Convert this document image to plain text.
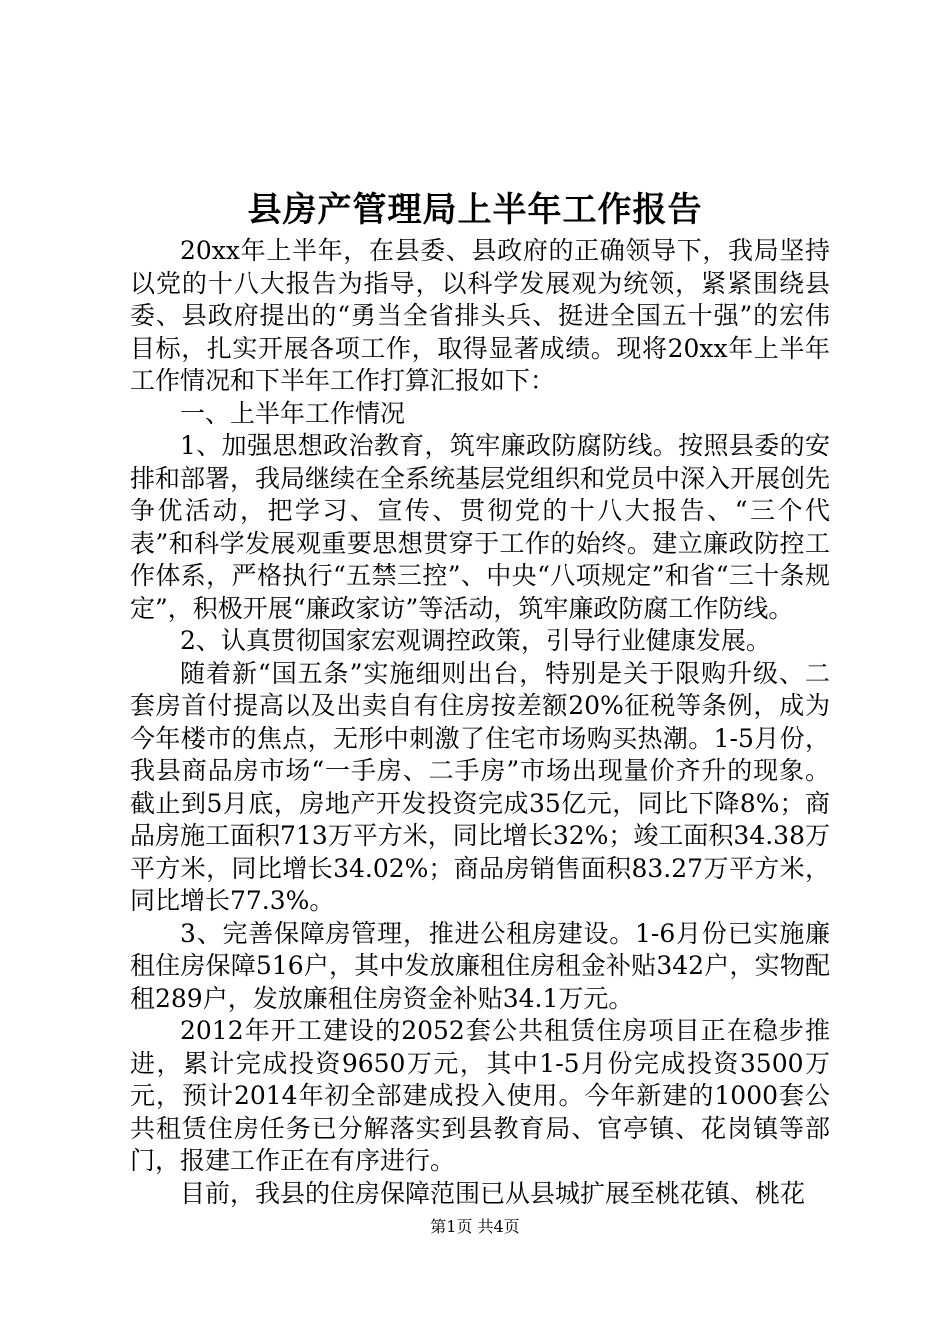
县房产管理局上半年工作报告

20xx年上半年，在县委、县政府的正确领导下，我局坚持以党的十八大报告为指导，以科学发展观为统领，紧紧围绕县委、县政府提出的“勇当全省排头兵、挺进全国五十强”的宏伟目标，扎实开展各项工作，取得显著成绩。现将20xx年上半年工作情况和下半年工作打算汇报如下：

一、上半年工作情况

1、加强思想政治教育，筑牢廉政防腐防线。按照县委的安排和部署，我局继续在全系统基层党组织和党员中深入开展创先争优活动，把学习、宣传、贯彻党的十八大报告、“三个代表”和科学发展观重要思想贯穿于工作的始终。建立廉政防控工作体系，严格执行“五禁三控”、中央“八项规定”和省“三十条规定”，积极开展“廉政家访”等活动，筑牢廉政防腐工作防线。

2、认真贯彻国家宏观调控政策，引导行业健康发展。

随着新“国五条”实施细则出台，特别是关于限购升级、二套房首付提高以及出卖自有住房按差额20%征税等条例，成为今年楼市的焦点，无形中刺激了住宅市场购买热潮。1-5月份，我县商品房市场“一手房、二手房”市场出现量价齐升的现象。截止到5月底，房地产开发投资完成35亿元，同比下降8%；商品房施工面积713万平方米，同比增长32%；竣工面积34.38万平方米，同比增长34.02%；商品房销售面积83.27万平方米，同比增长77.3%。

3、完善保障房管理，推进公租房建设。1-6月份已实施廉租住房保障516户，其中发放廉租住房租金补贴342户，实物配租289户，发放廉租住房资金补贴34.1万元。

2012年开工建设的2052套公共租赁住房项目正在稳步推进，累计完成投资9650万元，其中1-5月份完成投资3500万元，预计2014年初全部建成投入使用。今年新建的1000套公共租赁住房任务已分解落实到县教育局、官亭镇、花岗镇等部门，报建工作正在有序进行。

目前，我县的住房保障范围已从县城扩展至桃花镇、桃花

第1页 共4页
